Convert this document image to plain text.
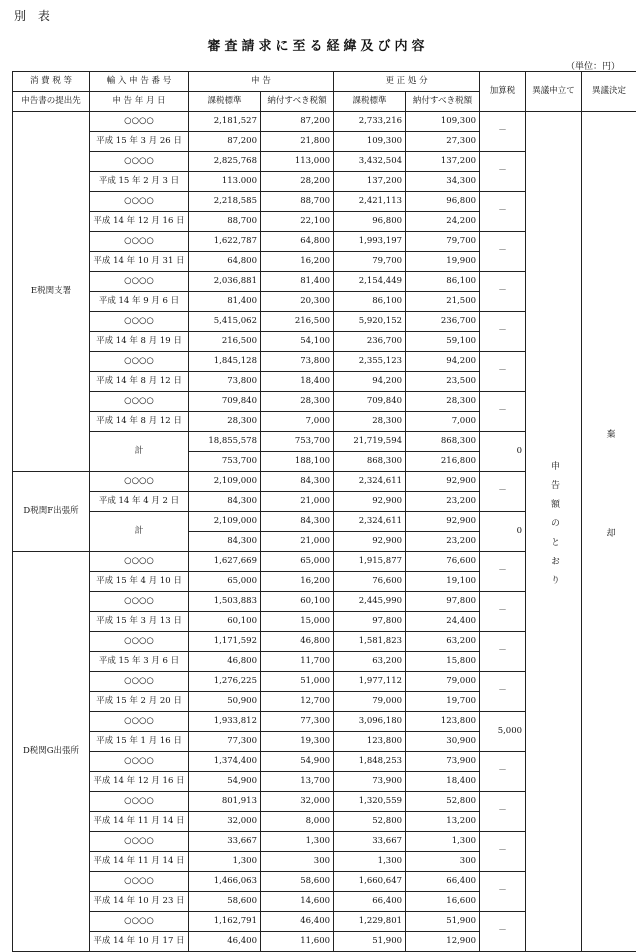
別 表
審査請求に至る経緯及び内容
（単位：円）
消 費 税 等	輸 入 申 告 番 号	申 告		更 正 処 分		加算税	異議申立て	異議決定
申告書の提出先	申 告 年 月 日	課税標準	納付すべき税額	課税標準	納付すべき税額			
E税関支署	○○○○	2,181,527	87,200	2,733,216	109,300	－	申告額のとおり	棄却
	平成 15 年 3 月 26 日	87,200	21,800	109,300	27,300			
	○○○○	2,825,768	113,000	3,432,504	137,200	－		
	平成 15 年 2 月 3 日	113.000	28,200	137,200	34,300			
	○○○○	2,218,585	88,700	2,421,113	96,800	－		
	平成 14 年 12 月 16 日	88,700	22,100	96,800	24,200			
	○○○○	1,622,787	64,800	1,993,197	79,700	－		
	平成 14 年 10 月 31 日	64,800	16,200	79,700	19,900			
	○○○○	2,036,881	81,400	2,154,449	86,100	－		
	平成 14 年 9 月 6 日	81,400	20,300	86,100	21,500			
	○○○○	5,415,062	216,500	5,920,152	236,700	－		
	平成 14 年 8 月 19 日	216,500	54,100	236,700	59,100			
	○○○○	1,845,128	73,800	2,355,123	94,200	－		
	平成 14 年 8 月 12 日	73,800	18,400	94,200	23,500			
	○○○○	709,840	28,300	709,840	28,300	－		
	平成 14 年 8 月 12 日	28,300	7,000	28,300	7,000			
	計	18,855,578	753,700	21,719,594	868,300	0		
		753,700	188,100	868,300	216,800			
D税関F出張所	○○○○	2,109,000	84,300	2,324,611	92,900	－		
	平成 14 年 4 月 2 日	84,300	21,000	92,900	23,200			
	計	2,109,000	84,300	2,324,611	92,900	0		
		84,300	21,000	92,900	23,200			
D税関G出張所	○○○○	1,627,669	65,000	1,915,877	76,600	－		
	平成 15 年 4 月 10 日	65,000	16,200	76,600	19,100			
	○○○○	1,503,883	60,100	2,445,990	97,800	－		
	平成 15 年 3 月 13 日	60,100	15,000	97,800	24,400			
	○○○○	1,171,592	46,800	1,581,823	63,200	－		
	平成 15 年 3 月 6 日	46,800	11,700	63,200	15,800			
	○○○○	1,276,225	51,000	1,977,112	79,000	－		
	平成 15 年 2 月 20 日	50,900	12,700	79,000	19,700			
	○○○○	1,933,812	77,300	3,096,180	123,800	5,000		
	平成 15 年 1 月 16 日	77,300	19,300	123,800	30,900			
	○○○○	1,374,400	54,900	1,848,253	73,900	－		
	平成 14 年 12 月 16 日	54,900	13,700	73,900	18,400			
	○○○○	801,913	32,000	1,320,559	52,800	－		
	平成 14 年 11 月 14 日	32,000	8,000	52,800	13,200			
	○○○○	33,667	1,300	33,667	1,300	－		
	平成 14 年 11 月 14 日	1,300	300	1,300	300			
	○○○○	1,466,063	58,600	1,660,647	66,400	－		
	平成 14 年 10 月 23 日	58,600	14,600	66,400	16,600			
	○○○○	1,162,791	46,400	1,229,801	51,900	－		
	平成 14 年 10 月 17 日	46,400	11,600	51,900	12,900			
